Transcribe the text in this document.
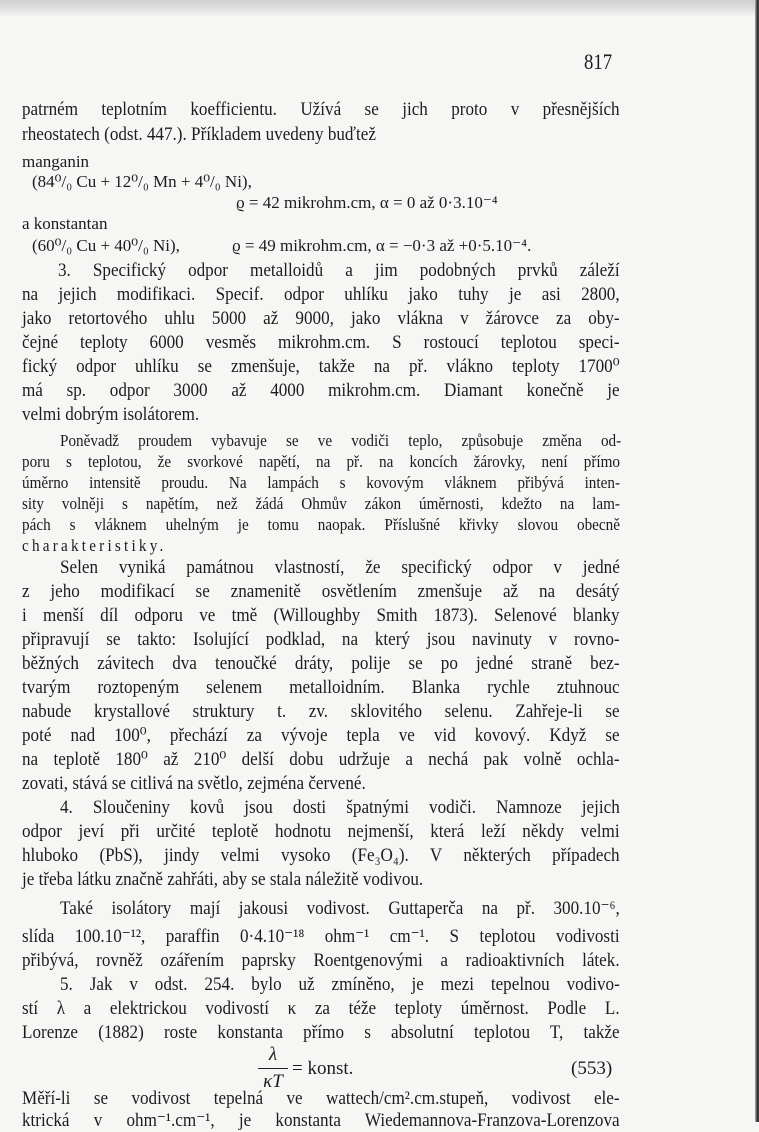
817
patrném teplotním koefficientu. Užívá se jich proto v přesnějších
rheostatech (odst. 447.). Příkladem uvedeny buďtež
manganin
(84⁰/₀ Cu + 12⁰/₀ Mn + 4⁰/₀ Ni),
ϱ = 42 mikrohm.cm, α = 0 až 0·3.10⁻⁴
a konstantan
(60⁰/₀ Cu + 40⁰/₀ Ni),	ϱ = 49 mikrohm.cm, α = −0·3 až +0·5.10⁻⁴.
3. Specifický odpor metalloidů a jim podobných prvků záleží
na jejich modifikaci. Specif. odpor uhlíku jako tuhy je asi 2800,
jako retortového uhlu 5000 až 9000, jako vlákna v žárovce za oby-
čejné teploty 6000 vesměs mikrohm.cm. S rostoucí teplotou speci-
fický odpor uhlíku se zmenšuje, takže na př. vlákno teploty 1700⁰
má sp. odpor 3000 až 4000 mikrohm.cm. Diamant konečně je
velmi dobrým isolátorem.
Poněvadž proudem vybavuje se ve vodiči teplo, způsobuje změna od-
poru s teplotou, že svorkové napětí, na př. na koncích žárovky, není přímo
úměrno intensitě proudu. Na lampách s kovovým vláknem přibývá inten-
sity volněji s napětím, než žádá Ohmův zákon úměrnosti, kdežto na lam-
pách s vláknem uhelným je tomu naopak. Příslušné křivky slovou obecně
charakteristiky.
Selen vyniká památnou vlastností, že specifický odpor v jedné
z jeho modifikací se znamenitě osvětlením zmenšuje až na desátý
i menší díl odporu ve tmě (Willoughby Smith 1873). Selenové blanky
připravují se takto: Isolující podklad, na který jsou navinuty v rovno-
běžných závitech dva tenoučké dráty, polije se po jedné straně bez-
tvarým roztopeným selenem metalloidním. Blanka rychle ztuhnouc
nabude krystallové struktury t. zv. sklovitého selenu. Zahřeje-li se
poté nad 100⁰, přechází za vývoje tepla ve vid kovový. Když se
na teplotě 180⁰ až 210⁰ delší dobu udržuje a nechá pak volně ochla-
zovati, stává se citlivá na světlo, zejména červené.
4. Sloučeniny kovů jsou dosti špatnými vodiči. Namnoze jejich
odpor jeví při určité teplotě hodnotu nejmenší, která leží někdy velmi
hluboko (PbS), jindy velmi vysoko (Fe₃O₄). V některých případech
je třeba látku značně zahřáti, aby se stala náležitě vodivou.
Také isolátory mají jakousi vodivost. Guttaperča na př. 300.10⁻⁶,
slída 100.10⁻¹², paraffin 0·4.10⁻¹⁸ ohm⁻¹ cm⁻¹. S teplotou vodivosti
přibývá, rovněž ozářením paprsky Roentgenovými a radioaktivních látek.
5. Jak v odst. 254. bylo už zmíněno, je mezi tepelnou vodivo-
stí λ a elektrickou vodivostí κ za téže teploty úměrnost. Podle L.
Lorenze (1882) roste konstanta přímo s absolutní teplotou T, takže
λ
κT
= konst.	(553)
Měří-li se vodivost tepelná ve wattech/cm².cm.stupeň, vodivost ele-
ktrická v ohm⁻¹.cm⁻¹, je konstanta Wiedemannova-Franzova-Lorenzova
